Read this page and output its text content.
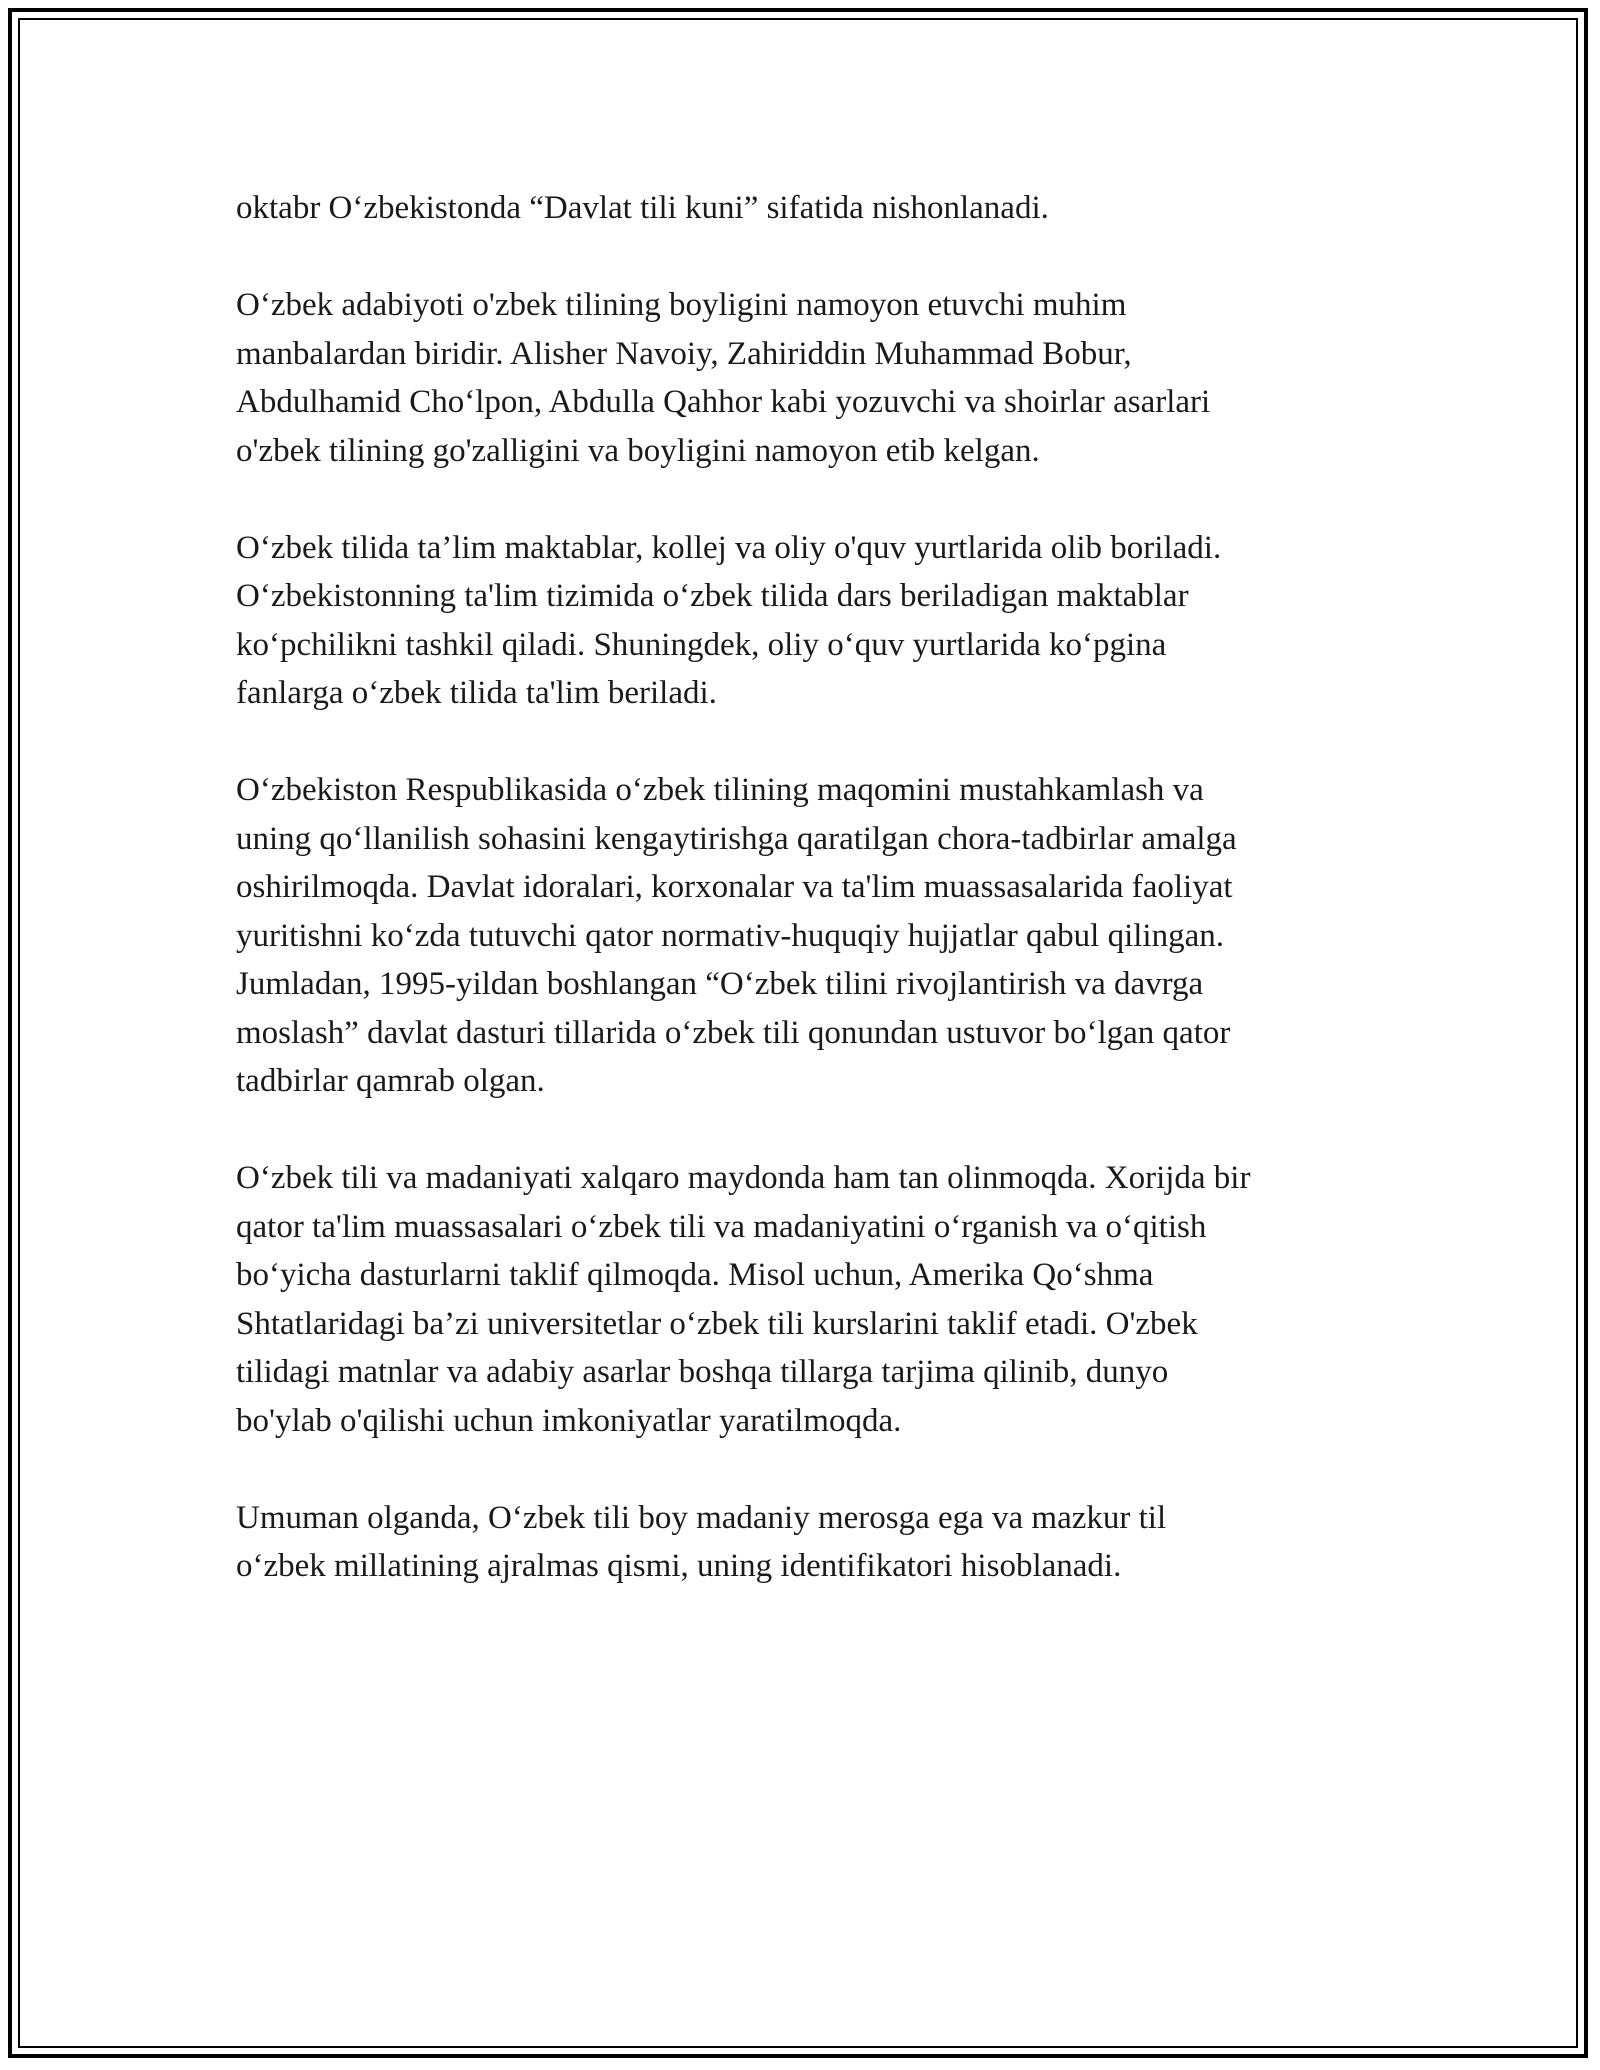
oktabr Oʻzbekistonda “Davlat tili kuni” sifatida nishonlanadi.

Oʻzbek adabiyoti o'zbek tilining boyligini namoyon etuvchi muhim
manbalardan biridir. Alisher Navoiy, Zahiriddin Muhammad Bobur,
Abdulhamid Choʻlpon, Abdulla Qahhor kabi yozuvchi va shoirlar asarlari
o'zbek tilining go'zalligini va boyligini namoyon etib kelgan.

Oʻzbek tilida ta’lim maktablar, kollej va oliy o'quv yurtlarida olib boriladi.
Oʻzbekistonning ta'lim tizimida oʻzbek tilida dars beriladigan maktablar
koʻpchilikni tashkil qiladi. Shuningdek, oliy oʻquv yurtlarida koʻpgina
fanlarga oʻzbek tilida ta'lim beriladi.

Oʻzbekiston Respublikasida oʻzbek tilining maqomini mustahkamlash va
uning qoʻllanilish sohasini kengaytirishga qaratilgan chora-tadbirlar amalga
oshirilmoqda. Davlat idoralari, korxonalar va ta'lim muassasalarida faoliyat
yuritishni koʻzda tutuvchi qator normativ-huquqiy hujjatlar qabul qilingan.
Jumladan, 1995-yildan boshlangan “Oʻzbek tilini rivojlantirish va davrga
moslash” davlat dasturi tillarida oʻzbek tili qonundan ustuvor boʻlgan qator
tadbirlar qamrab olgan.

Oʻzbek tili va madaniyati xalqaro maydonda ham tan olinmoqda. Xorijda bir
qator ta'lim muassasalari oʻzbek tili va madaniyatini oʻrganish va oʻqitish
boʻyicha dasturlarni taklif qilmoqda. Misol uchun, Amerika Qoʻshma
Shtatlaridagi ba’zi universitetlar oʻzbek tili kurslarini taklif etadi. O'zbek
tilidagi matnlar va adabiy asarlar boshqa tillarga tarjima qilinib, dunyo
bo'ylab o'qilishi uchun imkoniyatlar yaratilmoqda.

Umuman olganda, Oʻzbek tili boy madaniy merosga ega va mazkur til
oʻzbek millatining ajralmas qismi, uning identifikatori hisoblanadi.
